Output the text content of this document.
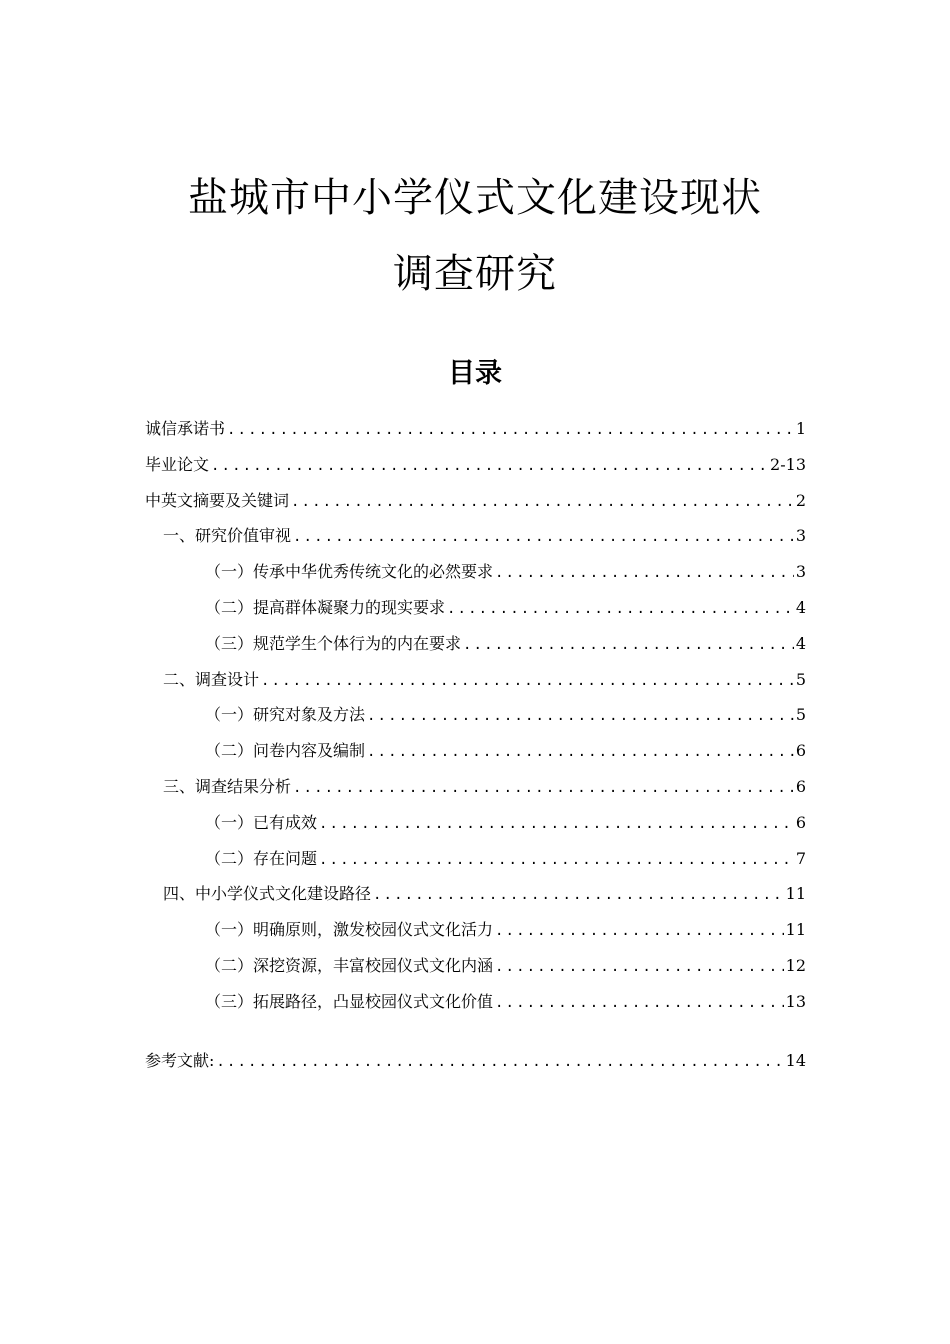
盐城市中小学仪式文化建设现状
调查研究
目录
诚信承诺书 .....	1
毕业论文 .....	2-13
中英文摘要及关键词 .....	2
一、研究价值审视 .....	3
（一）传承中华优秀传统文化的必然要求 .....	3
（二）提高群体凝聚力的现实要求 .....	4
（三）规范学生个体行为的内在要求 .....	4
二、调查设计 .....	5
（一）研究对象及方法 .....	5
（二）问卷内容及编制 .....	6
三、调查结果分析 .....	6
（一）已有成效 .....	6
（二）存在问题 .....	7
四、中小学仪式文化建设路径 .....	11
（一）明确原则，激发校园仪式文化活力 .....	11
（二）深挖资源，丰富校园仪式文化内涵 .....	12
（三）拓展路径，凸显校园仪式文化价值 .....	13
参考文献: .....	14
